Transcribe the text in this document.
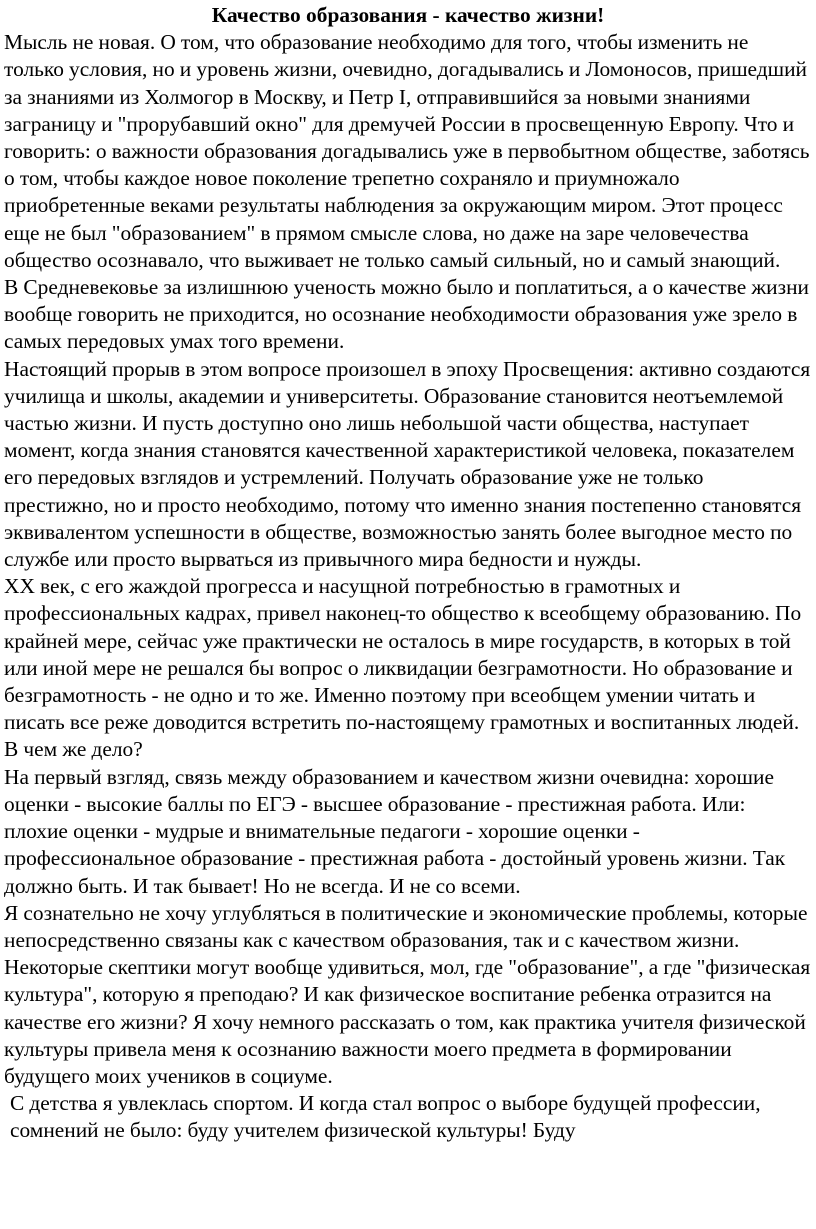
Качество образования - качество жизни!

Мысль не новая. О том, что образование необходимо для того, чтобы изменить не только условия, но и уровень жизни, очевидно, догадывались и Ломоносов, пришедший за знаниями из Холмогор в Москву, и Петр I, отправившийся за новыми знаниями заграницу и "прорубавший окно" для дремучей России в просвещенную Европу. Что и говорить: о важности образования догадывались уже в первобытном обществе, заботясь о том, чтобы каждое новое поколение трепетно сохраняло и приумножало приобретенные веками результаты наблюдения за окружающим миром. Этот процесс еще не был "образованием" в прямом смысле слова, но даже на заре человечества общество осознавало, что выживает не только самый сильный, но и самый знающий.

В Средневековье за излишнюю ученость можно было и поплатиться, а о качестве жизни вообще говорить не приходится, но осознание необходимости образования уже зрело в самых передовых умах того времени.

Настоящий прорыв в этом вопросе произошел в эпоху Просвещения: активно создаются училища и школы, академии и университеты. Образование становится неотъемлемой частью жизни. И пусть доступно оно лишь небольшой части общества, наступает момент, когда знания становятся качественной характеристикой человека, показателем его передовых взглядов и устремлений. Получать образование уже не только престижно, но и просто необходимо, потому что именно знания постепенно становятся эквивалентом успешности в обществе, возможностью занять более выгодное место по службе или просто вырваться из привычного мира бедности и нужды.

XX век, с его жаждой прогресса и насущной потребностью в грамотных и профессиональных кадрах, привел наконец-то общество к всеобщему образованию. По крайней мере, сейчас уже практически не осталось в мире государств, в которых в той или иной мере не решался бы вопрос о ликвидации безграмотности. Но образование и безграмотность - не одно и то же. Именно поэтому при всеобщем умении читать и писать все реже доводится встретить по-настоящему грамотных и воспитанных людей. В чем же дело?

На первый взгляд, связь между образованием и качеством жизни очевидна: хорошие оценки - высокие баллы по ЕГЭ - высшее образование - престижная работа. Или: плохие оценки - мудрые и внимательные педагоги - хорошие оценки - профессиональное образование - престижная работа - достойный уровень жизни. Так должно быть. И так бывает! Но не всегда. И не со всеми.

Я сознательно не хочу углубляться в политические и экономические проблемы, которые непосредственно связаны как с качеством образования, так и с качеством жизни. Некоторые скептики могут вообще удивиться, мол, где "образование", а где "физическая культура", которую я преподаю? И как физическое воспитание ребенка отразится на качестве его жизни? Я хочу немного рассказать о том, как практика учителя физической культуры привела меня к осознанию важности моего предмета в формировании будущего моих учеников в социуме.

С детства я увлеклась спортом. И когда стал вопрос о выборе будущей профессии, сомнений не было: буду учителем физической культуры! Буду
